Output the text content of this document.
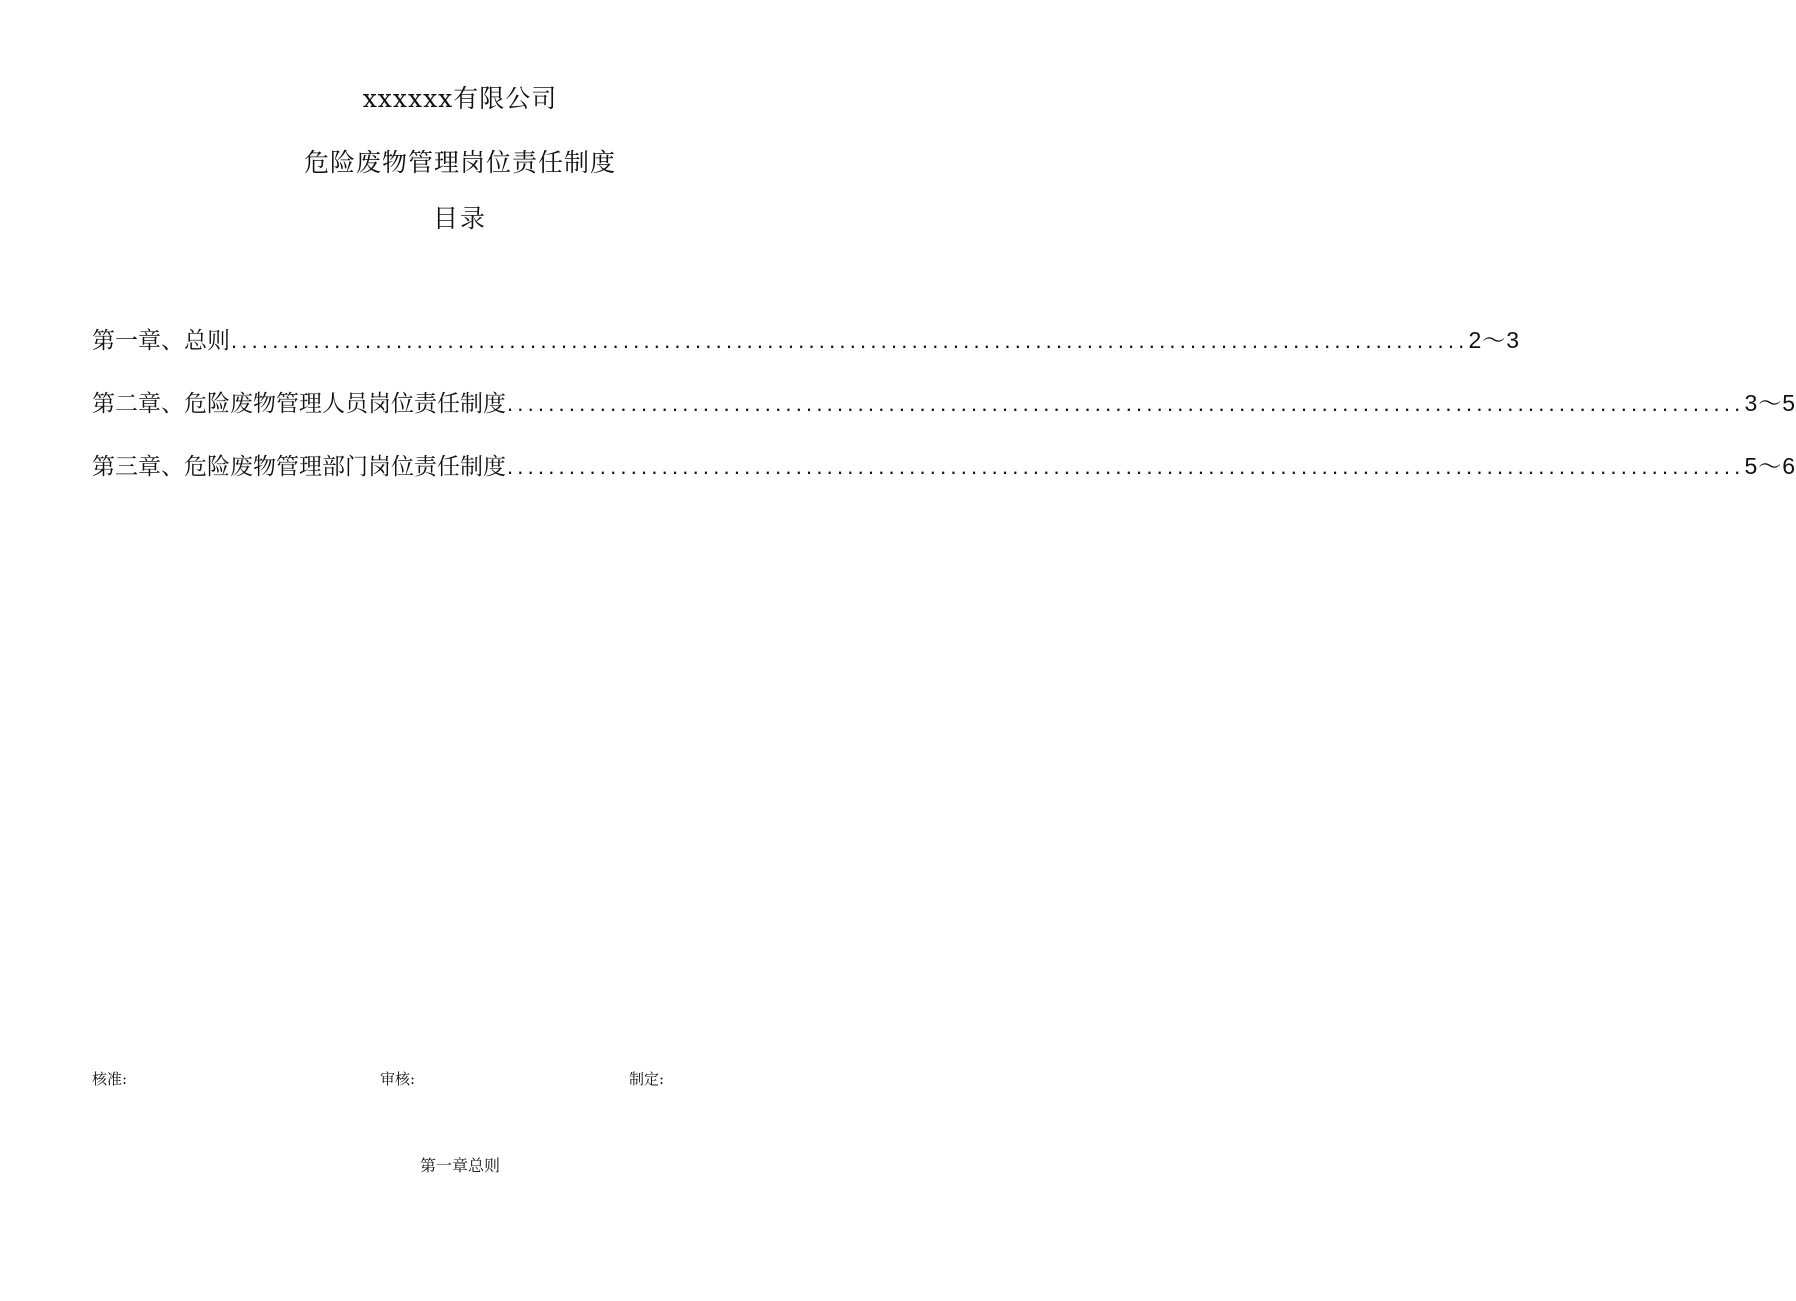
xxxxxx有限公司
危险废物管理岗位责任制度
目录
第一章、总则 ........................................................................................................................ 2〜3
第二章、危险废物管理人员岗位责任制度 ........................................................................................................................ 3〜5
第三章、危险废物管理部门岗位责任制度 ........................................................................................................................ 5〜6
核准:	审核:	制定:
第一章总则
